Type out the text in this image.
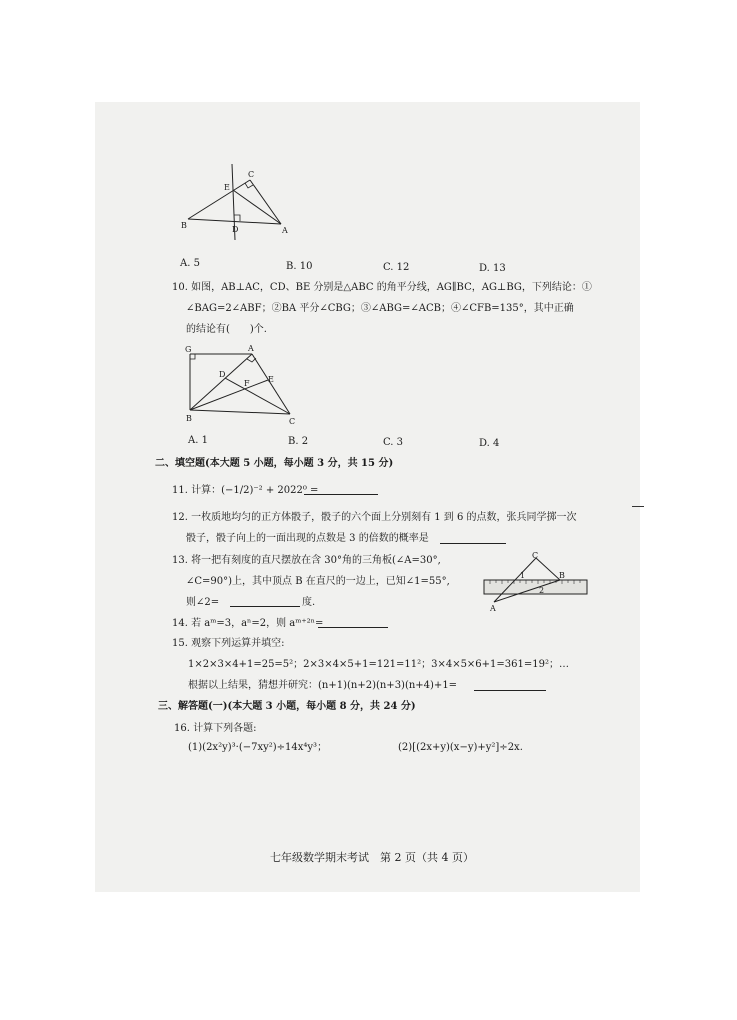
C
E
B	D	A
A. 5	B. 10	C. 12	D. 13
10. 如图，AB⊥AC，CD、BE 分别是△ABC 的角平分线，AG∥BC，AG⊥BG，下列结论：①
∠BAG=2∠ABF；②BA 平分∠CBG；③∠ABG=∠ACB；④∠CFB=135°，其中正确
的结论有(　　)个.
G	A
D
F E
B	C
A. 1	B. 2	C. 3	D. 4
二、填空题(本大题 5 小题，每小题 3 分，共 15 分)
11. 计算：(−1/2)⁻² + 2022⁰ =
12. 一枚质地均匀的正方体骰子，骰子的六个面上分别刻有 1 到 6 的点数，张兵同学掷一次
骰子，骰子向上的一面出现的点数是 3 的倍数的概率是
13. 将一把有刻度的直尺摆放在含 30°角的三角板(∠A=30°,
∠C=90°)上，其中顶点 B 在直尺的一边上，已知∠1=55°,
则∠2=	度.
C
1	B
2
A
14. 若 aᵐ=3，aⁿ=2，则 aᵐ⁺²ⁿ=
15. 观察下列运算并填空:
1×2×3×4+1=25=5²；2×3×4×5+1=121=11²；3×4×5×6+1=361=19²；…
根据以上结果，猜想并研究：(n+1)(n+2)(n+3)(n+4)+1=
三、解答题(一)(本大题 3 小题，每小题 8 分，共 24 分)
16. 计算下列各题:
(1)(2x²y)³·(−7xy²)÷14x⁴y³；	(2)[(2x+y)(x−y)+y²]÷2x.
七年级数学期末考试　第 2 页（共 4 页）
